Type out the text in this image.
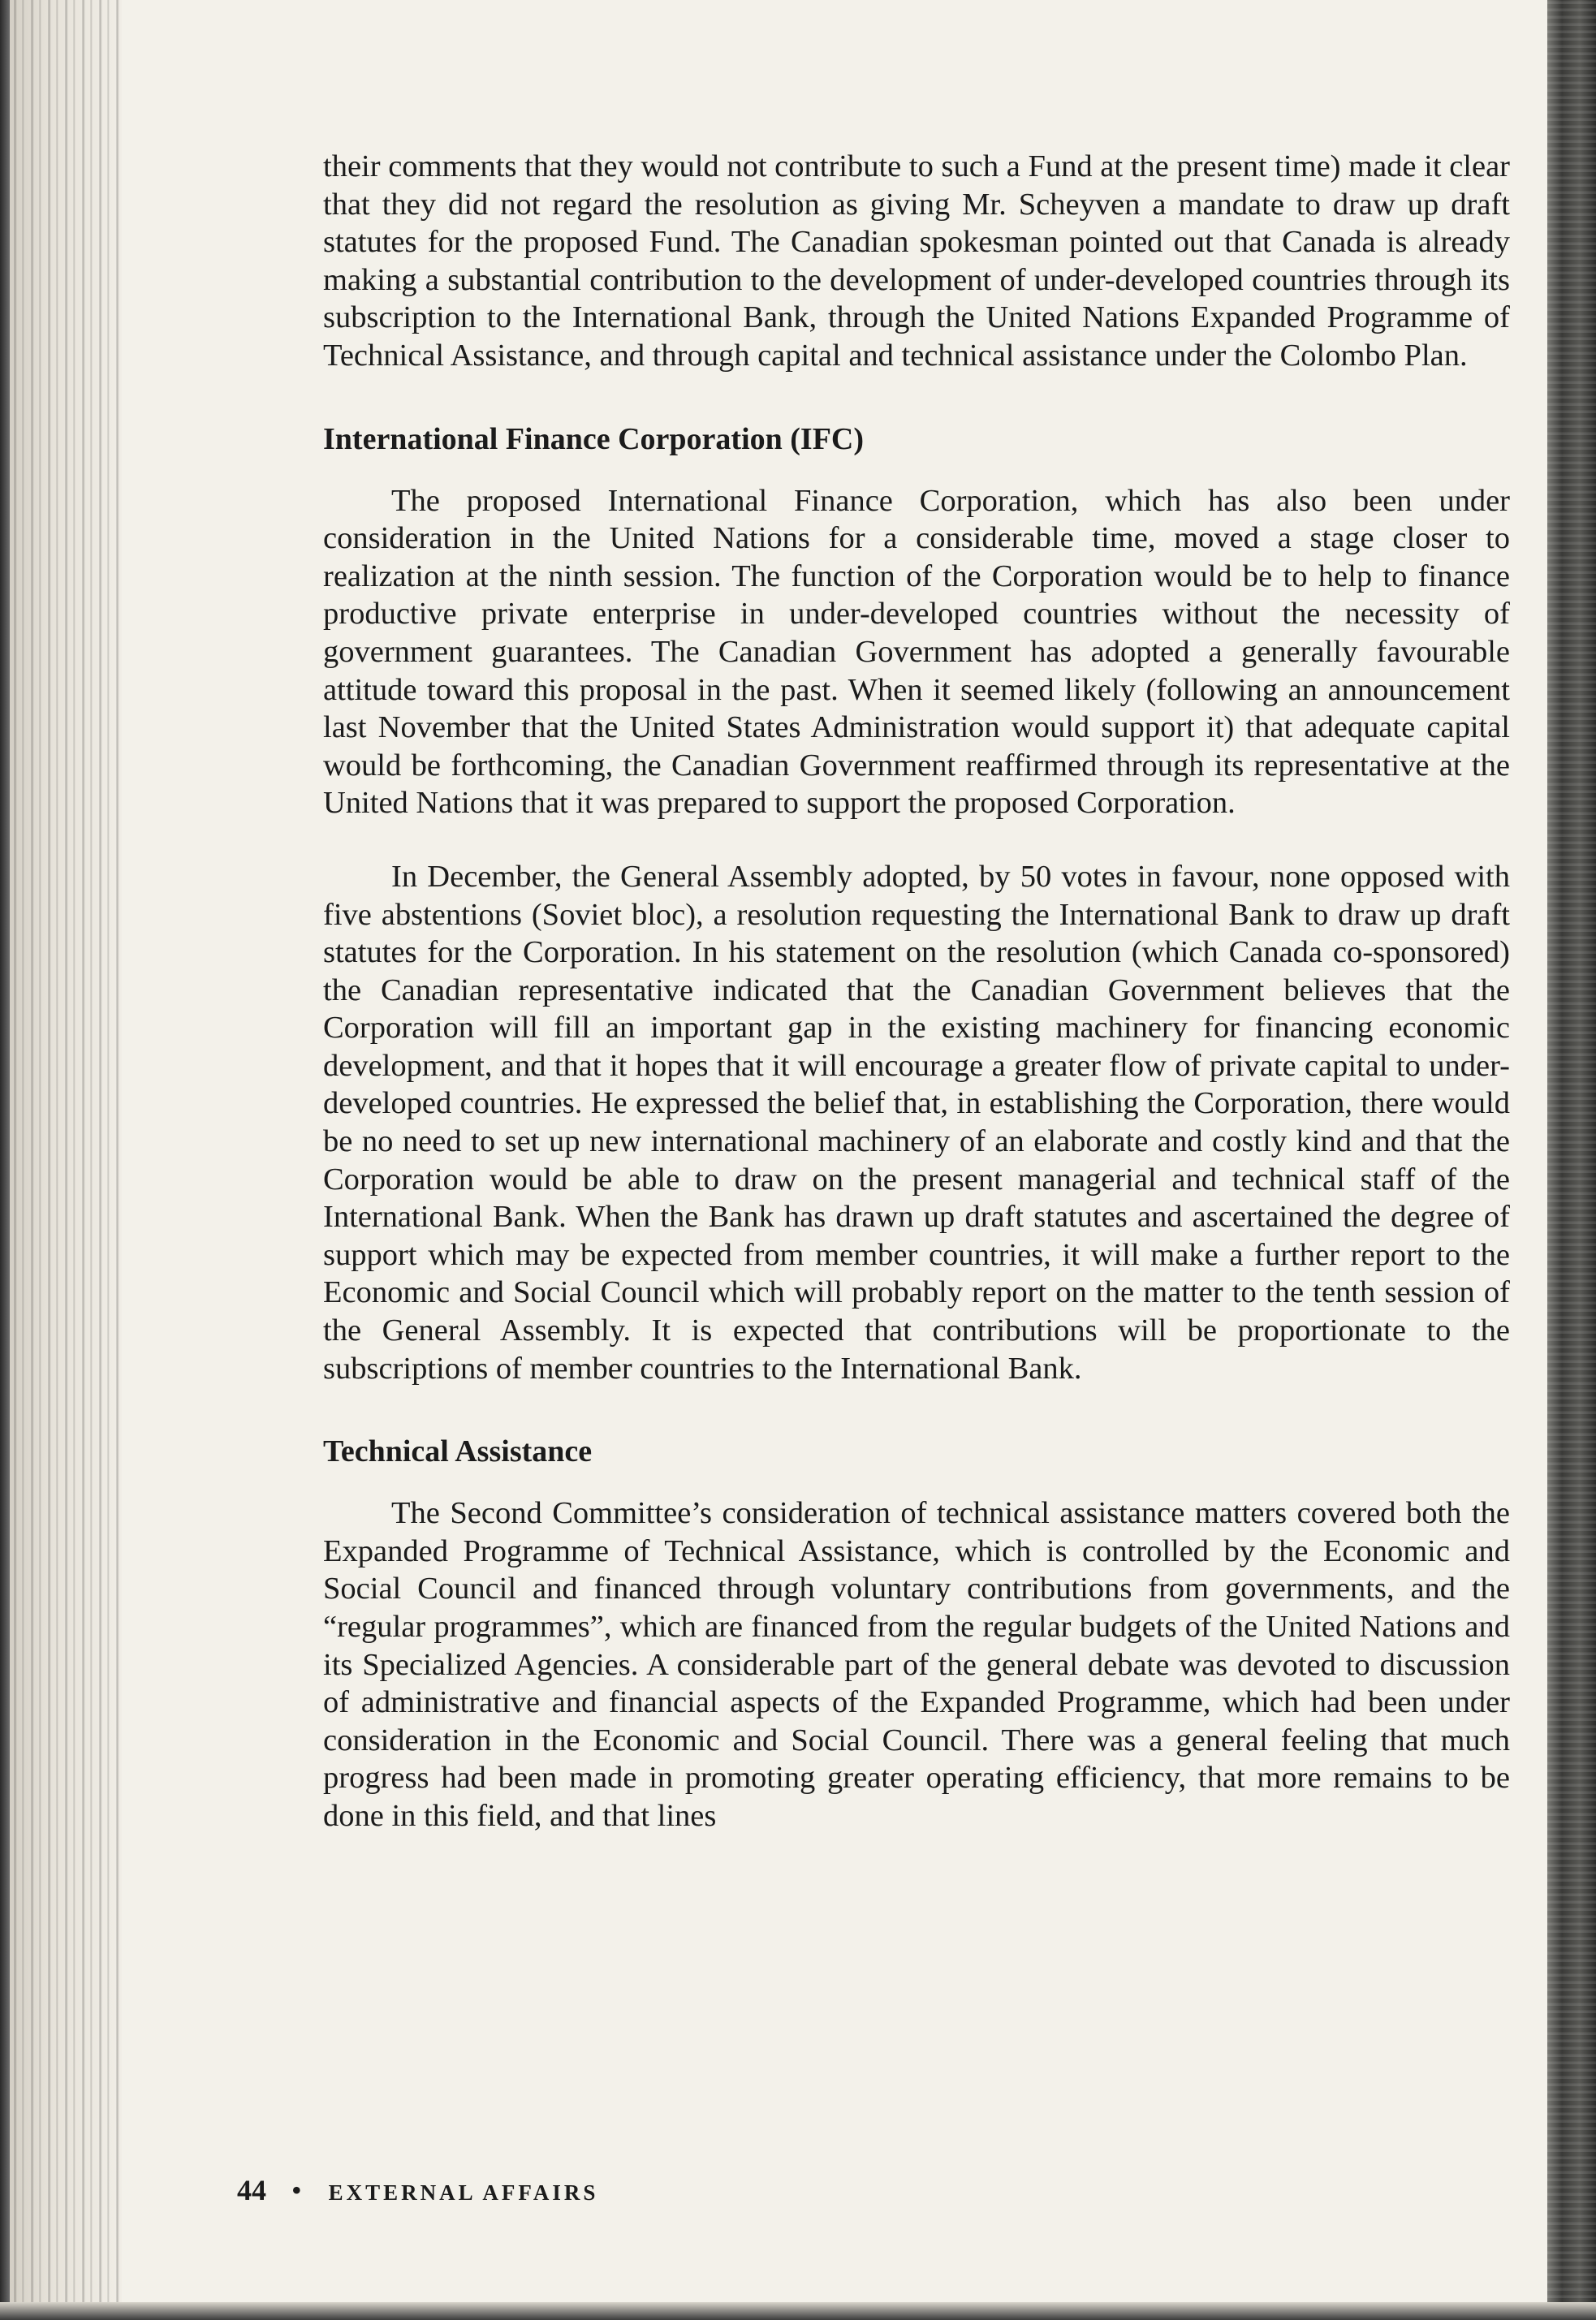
their comments that they would not contribute to such a Fund at the present time) made it clear that they did not regard the resolution as giving Mr. Scheyven a mandate to draw up draft statutes for the proposed Fund. The Canadian spokesman pointed out that Canada is already making a substantial contribution to the development of under-developed countries through its subscription to the International Bank, through the United Nations Expanded Programme of Technical Assistance, and through capital and technical assistance under the Colombo Plan.

International Finance Corporation (IFC)

The proposed International Finance Corporation, which has also been under consideration in the United Nations for a considerable time, moved a stage closer to realization at the ninth session. The function of the Corporation would be to help to finance productive private enterprise in under-developed countries without the necessity of government guarantees. The Canadian Government has adopted a generally favourable attitude toward this proposal in the past. When it seemed likely (following an announcement last November that the United States Administration would support it) that adequate capital would be forthcoming, the Canadian Government reaffirmed through its representative at the United Nations that it was prepared to support the proposed Corporation.

In December, the General Assembly adopted, by 50 votes in favour, none opposed with five abstentions (Soviet bloc), a resolution requesting the International Bank to draw up draft statutes for the Corporation. In his statement on the resolution (which Canada co-sponsored) the Canadian representative indicated that the Canadian Government believes that the Corporation will fill an important gap in the existing machinery for financing economic development, and that it hopes that it will encourage a greater flow of private capital to under-developed countries. He expressed the belief that, in establishing the Corporation, there would be no need to set up new international machinery of an elaborate and costly kind and that the Corporation would be able to draw on the present managerial and technical staff of the International Bank. When the Bank has drawn up draft statutes and ascertained the degree of support which may be expected from member countries, it will make a further report to the Economic and Social Council which will probably report on the matter to the tenth session of the General Assembly. It is expected that contributions will be proportionate to the subscriptions of member countries to the International Bank.

Technical Assistance

The Second Committee’s consideration of technical assistance matters covered both the Expanded Programme of Technical Assistance, which is controlled by the Economic and Social Council and financed through voluntary contributions from governments, and the “regular programmes”, which are financed from the regular budgets of the United Nations and its Specialized Agencies. A considerable part of the general debate was devoted to discussion of administrative and financial aspects of the Expanded Programme, which had been under consideration in the Economic and Social Council. There was a general feeling that much progress had been made in promoting greater operating efficiency, that more remains to be done in this field, and that lines

44 • EXTERNAL AFFAIRS
